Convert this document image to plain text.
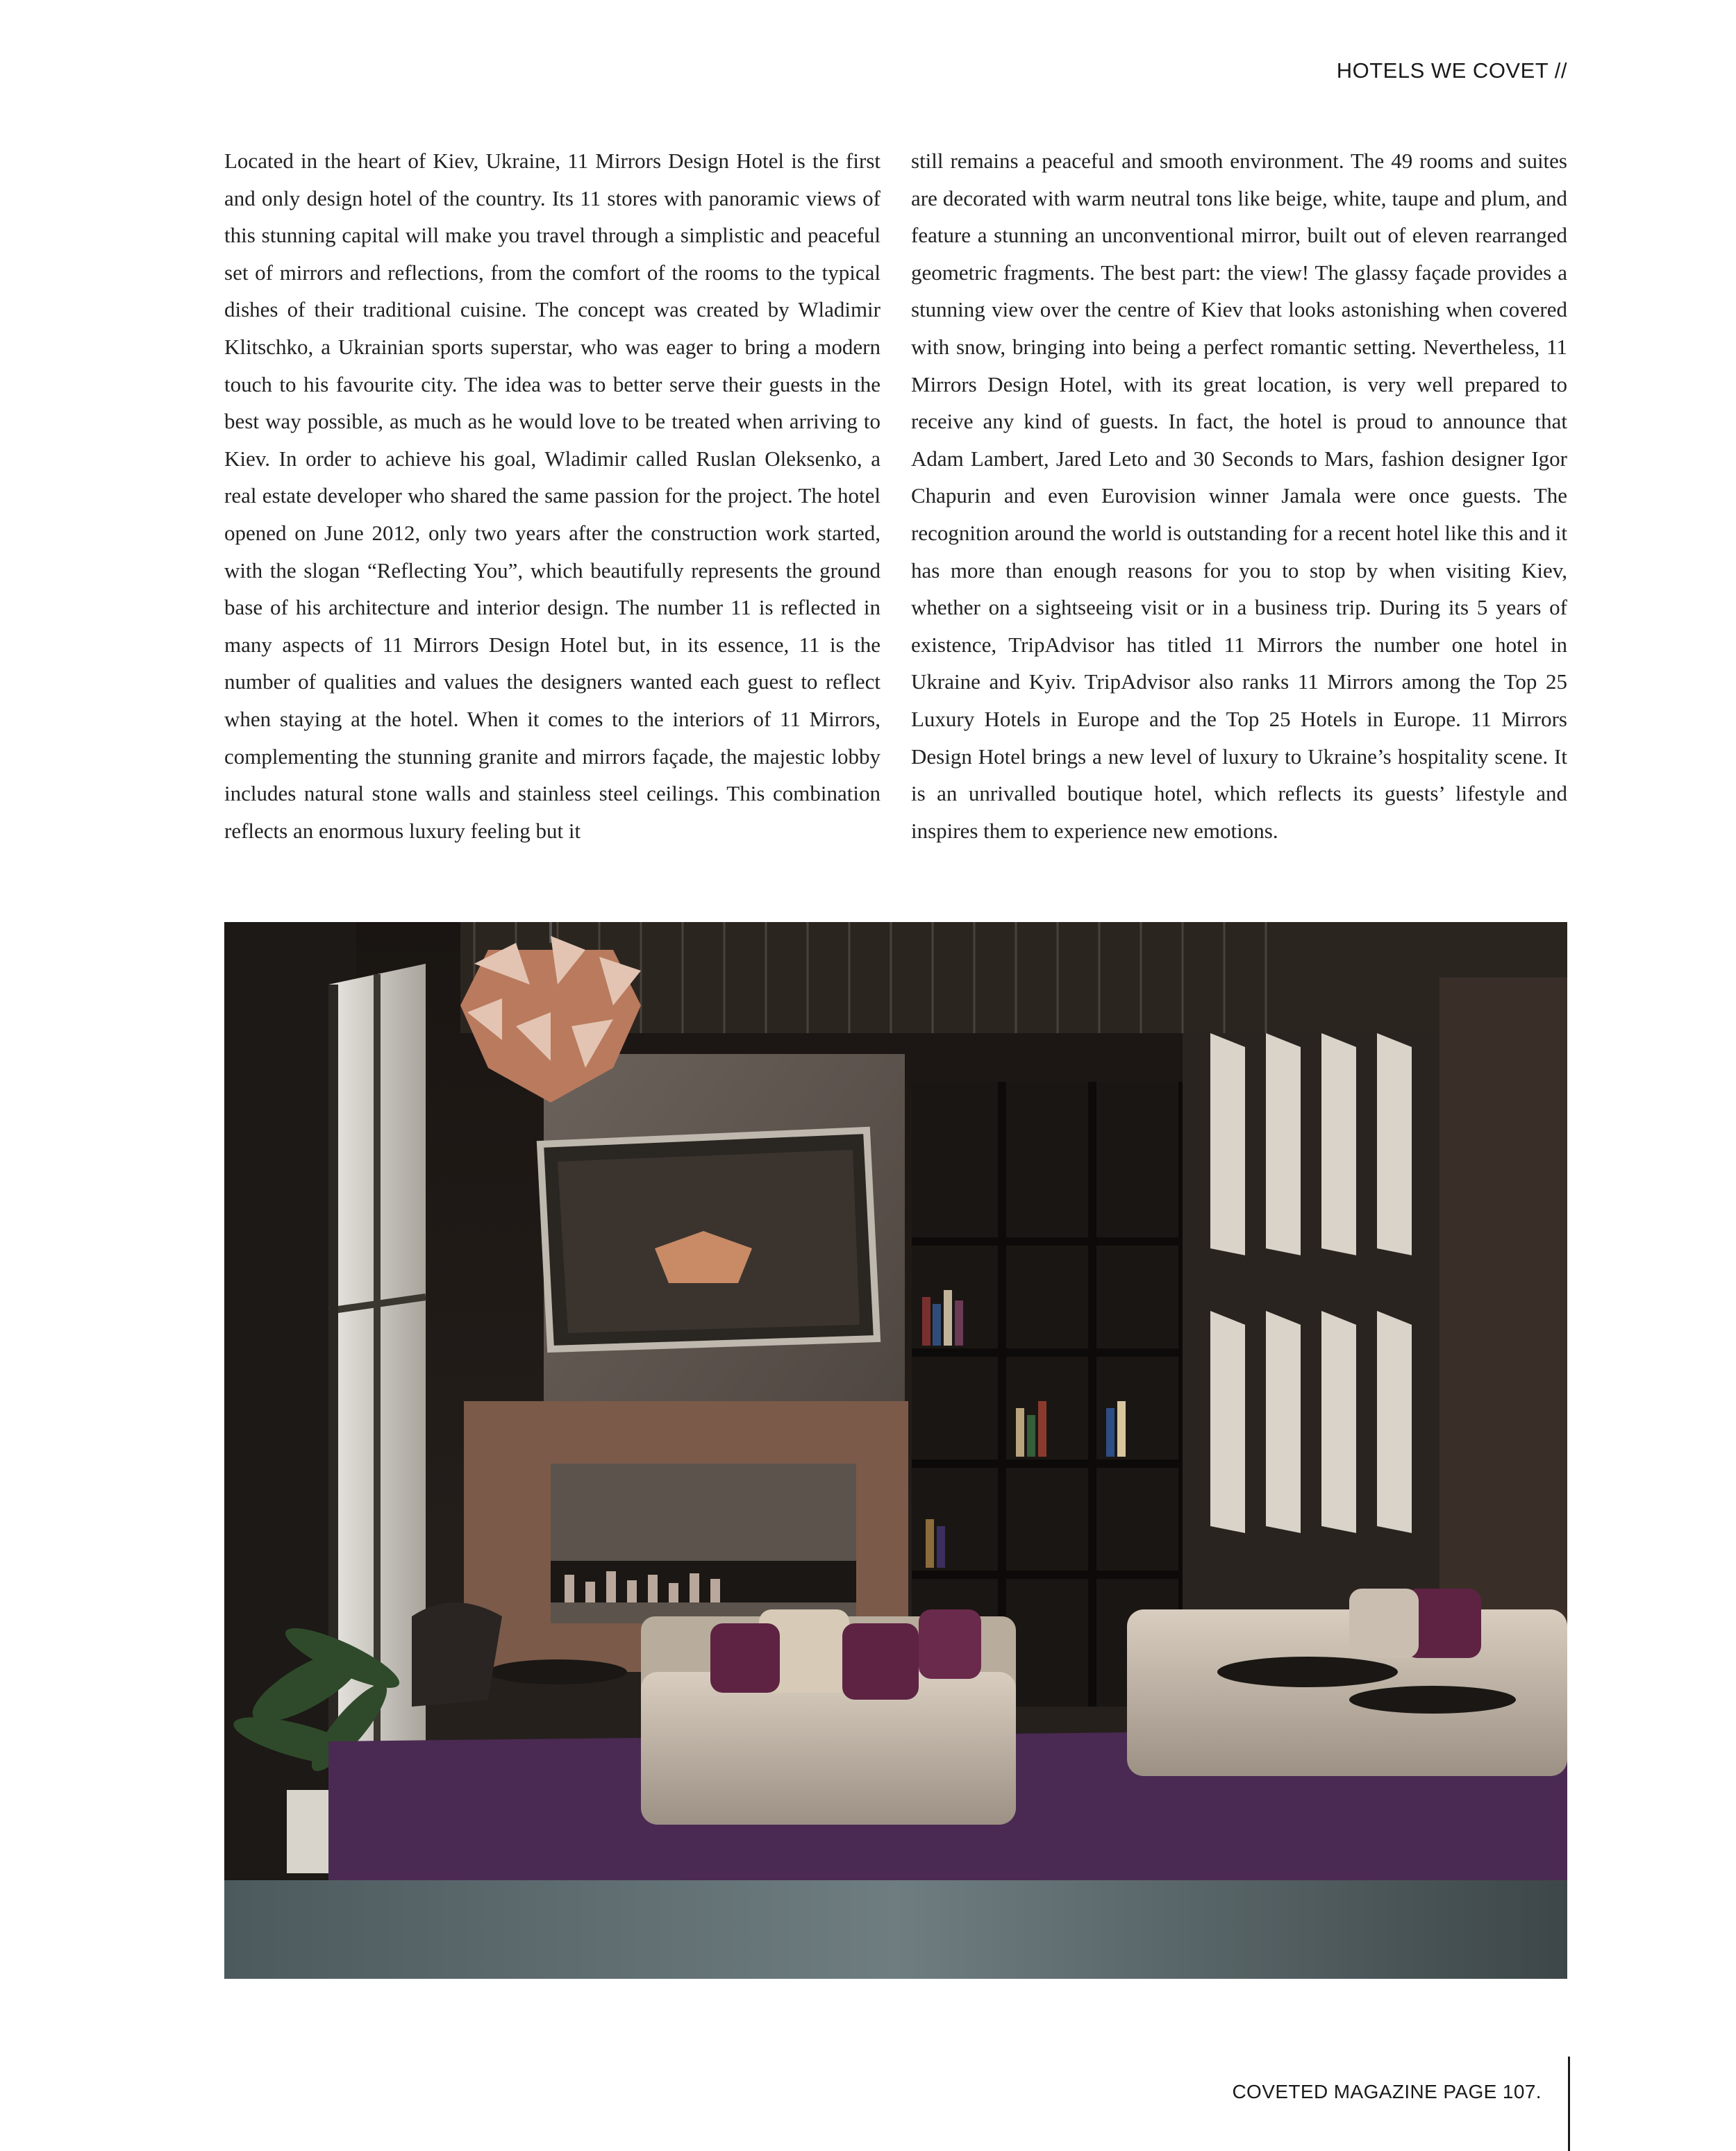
HOTELS WE COVET //

Located in the heart of Kiev, Ukraine, 11 Mirrors Design Hotel is the first and only design hotel of the country. Its 11 stores with panoramic views of this stunning capital will make you travel through a simplistic and peaceful set of mirrors and reflections, from the comfort of the rooms to the typical dishes of their traditional cuisine. The concept was created by Wladimir Klitschko, a Ukrainian sports superstar, who was eager to bring a modern touch to his favourite city. The idea was to better serve their guests in the best way possible, as much as he would love to be treated when arriving to Kiev. In order to achieve his goal, Wladimir called Ruslan Oleksenko, a real estate developer who shared the same passion for the project. The hotel opened on June 2012, only two years after the construction work started, with the slogan “Reflecting You”, which beautifully represents the ground base of his architecture and interior design. The number 11 is reflected in many aspects of 11 Mirrors Design Hotel but, in its essence, 11 is the number of qualities and values the designers wanted each guest to reflect when staying at the hotel. When it comes to the interiors of 11 Mirrors, complementing the stunning granite and mirrors façade, the majestic lobby includes natural stone walls and stainless steel ceilings. This combination reflects an enormous luxury feeling but it

still remains a peaceful and smooth environment. The 49 rooms and suites are decorated with warm neutral tons like beige, white, taupe and plum, and feature a stunning an unconventional mirror, built out of eleven rearranged geometric fragments. The best part: the view! The glassy façade provides a stunning view over the centre of Kiev that looks astonishing when covered with snow, bringing into being a perfect romantic setting. Nevertheless, 11 Mirrors Design Hotel, with its great location, is very well prepared to receive any kind of guests. In fact, the hotel is proud to announce that Adam Lambert, Jared Leto and 30 Seconds to Mars, fashion designer Igor Chapurin and even Eurovision winner Jamala were once guests. The recognition around the world is outstanding for a recent hotel like this and it has more than enough reasons for you to stop by when visiting Kiev, whether on a sightseeing visit or in a business trip. During its 5 years of existence, TripAdvisor has titled 11 Mirrors the number one hotel in Ukraine and Kyiv. TripAdvisor also ranks 11 Mirrors among the Top 25 Luxury Hotels in Europe and the Top 25 Hotels in Europe. 11 Mirrors Design Hotel brings a new level of luxury to Ukraine’s hospitality scene. It is an unrivalled boutique hotel, which reflects its guests’ lifestyle and inspires them to experience new emotions.

COVETED MAGAZINE PAGE 107.
